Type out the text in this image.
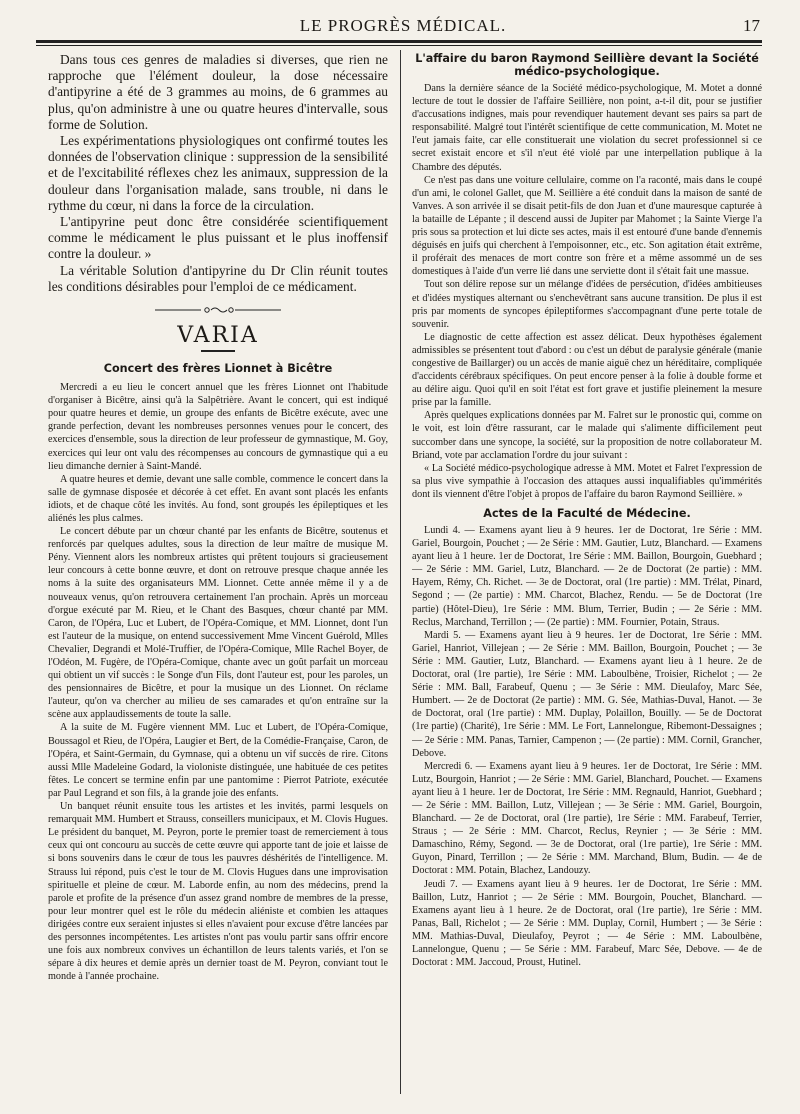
LE PROGRÈS MÉDICAL.	17

Dans tous ces genres de maladies si diverses, que rien ne rapproche que l'élément douleur, la dose nécessaire d'antipyrine a été de 3 grammes au moins, de 6 grammes au plus, qu'on administre à une ou quatre heures d'intervalle, sous forme de Solution.

Les expérimentations physiologiques ont confirmé toutes les données de l'observation clinique : suppression de la sensibilité et de l'excitabilité réflexes chez les animaux, suppression de la douleur dans l'organisation malade, sans trouble, ni dans le rythme du cœur, ni dans la force de la circulation.

L'antipyrine peut donc être considérée scientifiquement comme le médicament le plus puissant et le plus inoffensif contre la douleur. »

La véritable Solution d'antipyrine du Dr Clin réunit toutes les conditions désirables pour l'emploi de ce médicament.

VARIA
Concert des frères Lionnet à Bicêtre

Mercredi a eu lieu le concert annuel que les frères Lionnet ont l'habitude d'organiser à Bicêtre, ainsi qu'à la Salpêtrière. Avant le concert, qui est indiqué pour quatre heures et demie, un groupe des enfants de Bicêtre exécute, avec une grande perfection, devant les nombreuses personnes venues pour le concert, des exercices d'ensemble, sous la direction de leur professeur de gymnastique, M. Goy, exercices qui leur ont valu des récompenses au concours de gymnastique qui a eu lieu dimanche dernier à Saint-Mandé.

A quatre heures et demie, devant une salle comble, commence le concert dans la salle de gymnase disposée et décorée à cet effet. En avant sont placés les enfants idiots, et de chaque côté les invités. Au fond, sont groupés les épileptiques et les aliénés les plus calmes.

Le concert débute par un chœur chanté par les enfants de Bicêtre, soutenus et renforcés par quelques adultes, sous la direction de leur maître de musique M. Pény. Viennent alors les nombreux artistes qui prêtent toujours si gracieusement leur concours à cette bonne œuvre, et dont on retrouve presque chaque année les noms à la suite des organisateurs MM. Lionnet. Cette année même il y a de nouveaux venus, qu'on retrouvera certainement l'an prochain. Après un morceau d'orgue exécuté par M. Rieu, et le Chant des Basques, chœur chanté par MM. Caron, de l'Opéra, Luc et Lubert, de l'Opéra-Comique, et MM. Lionnet, dont l'un est l'auteur de la musique, on entend successivement Mme Vincent Guérold, Mlles Chevalier, Degrandi et Molé-Truffier, de l'Opéra-Comique, Mlle Rachel Boyer, de l'Odéon, M. Fugère, de l'Opéra-Comique, chante avec un goût parfait un morceau qui obtient un vif succès : le Songe d'un Fils, dont l'auteur est, pour les paroles, un des pensionnaires de Bicêtre, et pour la musique un des Lionnet. On réclame l'auteur, qu'on va chercher au milieu de ses camarades et qu'on entraîne sur la scène aux applaudissements de toute la salle.

A la suite de M. Fugère viennent MM. Luc et Lubert, de l'Opéra-Comique, Boussagol et Rieu, de l'Opéra, Laugier et Bert, de la Comédie-Française, Caron, de l'Opéra, et Saint-Germain, du Gymnase, qui a obtenu un vif succès de rire. Citons aussi Mlle Madeleine Godard, la violoniste distinguée, une habituée de ces petites fêtes. Le concert se termine enfin par une pantomime : Pierrot Patriote, exécutée par Paul Legrand et son fils, à la grande joie des enfants.

Un banquet réunit ensuite tous les artistes et les invités, parmi lesquels on remarquait MM. Humbert et Strauss, conseillers municipaux, et M. Clovis Hugues. Le président du banquet, M. Peyron, porte le premier toast de remerciement à tous ceux qui ont concouru au succès de cette œuvre qui apporte tant de joie et laisse de si bons souvenirs dans le cœur de tous les pauvres déshérités de l'intelligence. M. Strauss lui répond, puis c'est le tour de M. Clovis Hugues dans une improvisation spirituelle et pleine de cœur. M. Laborde enfin, au nom des médecins, prend la parole et profite de la présence d'un assez grand nombre de membres de la presse, pour leur montrer quel est le rôle du médecin aliéniste et combien les attaques dirigées contre eux seraient injustes si elles n'avaient pour excuse d'être lancées par des personnes incompétentes. Les artistes n'ont pas voulu partir sans offrir encore une fois aux nombreux convives un échantillon de leurs talents variés, et l'on se sépare à dix heures et demie après un dernier toast de M. Peyron, conviant tout le monde à l'année prochaine.

L'affaire du baron Raymond Seillière devant la Société médico-psychologique.

Dans la dernière séance de la Société médico-psychologique, M. Motet a donné lecture de tout le dossier de l'affaire Seillière, non point, a-t-il dit, pour se justifier d'accusations indignes, mais pour revendiquer hautement devant ses pairs sa part de responsabilité. Malgré tout l'intérêt scientifique de cette communication, M. Motet ne l'eut jamais faite, car elle constituerait une violation du secret professionnel si ce secret existait encore et s'il n'eut été violé par une interpellation publique à la Chambre des députés.

Ce n'est pas dans une voiture cellulaire, comme on l'a raconté, mais dans le coupé d'un ami, le colonel Gallet, que M. Seillière a été conduit dans la maison de santé de Vanves. A son arrivée il se disait petit-fils de don Juan et d'une mauresque capturée à la bataille de Lépante ; il descend aussi de Jupiter par Mahomet ; la Sainte Vierge l'a pris sous sa protection et lui dicte ses actes, mais il est entouré d'une bande d'ennemis déguisés en juifs qui cherchent à l'empoisonner, etc., etc. Son agitation était extrême, il proférait des menaces de mort contre son frère et a même assommé un de ses domestiques à l'aide d'un verre lié dans une serviette dont il s'était fait une massue.

Tout son délire repose sur un mélange d'idées de persécution, d'idées ambitieuses et d'idées mystiques alternant ou s'enchevêtrant sans aucune transition. De plus il est pris par moments de syncopes épileptiformes s'accompagnant d'une perte totale de souvenir.

Le diagnostic de cette affection est assez délicat. Deux hypothèses également admissibles se présentent tout d'abord : ou c'est un début de paralysie générale (manie congestive de Baillarger) ou un accès de manie aiguë chez un héréditaire, compliquée d'accidents cérébraux spécifiques. On peut encore penser à la folie à double forme et au délire aigu. Quoi qu'il en soit l'état est fort grave et justifie pleinement la mesure prise par la famille.

Après quelques explications données par M. Falret sur le pronostic qui, comme on le voit, est loin d'être rassurant, car le malade qui s'alimente difficilement peut succomber dans une syncope, la société, sur la proposition de notre collaborateur M. Briand, vote par acclamation l'ordre du jour suivant :

« La Société médico-psychologique adresse à MM. Motet et Falret l'expression de sa plus vive sympathie à l'occasion des attaques aussi inqualifiables qu'immérités dont ils viennent d'être l'objet à propos de l'affaire du baron Raymond Seillière. »

Actes de la Faculté de Médecine.

Lundi 4. — Examens ayant lieu à 9 heures. 1er de Doctorat, 1re Série : MM. Gariel, Bourgoin, Pouchet ; — 2e Série : MM. Gautier, Lutz, Blanchard. — Examens ayant lieu à 1 heure. 1er de Doctorat, 1re Série : MM. Baillon, Bourgoin, Guebhard ; — 2e Série : MM. Gariel, Lutz, Blanchard. — 2e de Doctorat (2e partie) : MM. Hayem, Rémy, Ch. Richet. — 3e de Doctorat, oral (1re partie) : MM. Trélat, Pinard, Segond ; — (2e partie) : MM. Charcot, Blachez, Rendu. — 5e de Doctorat (1re partie) (Hôtel-Dieu), 1re Série : MM. Blum, Terrier, Budin ; — 2e Série : MM. Reclus, Marchand, Terrillon ; — (2e partie) : MM. Fournier, Potain, Straus.

Mardi 5. — Examens ayant lieu à 9 heures. 1er de Doctorat, 1re Série : MM. Gariel, Hanriot, Villejean ; — 2e Série : MM. Baillon, Bourgoin, Pouchet ; — 3e Série : MM. Gautier, Lutz, Blanchard. — Examens ayant lieu à 1 heure. 2e de Doctorat, oral (1re partie), 1re Série : MM. Laboulbène, Troisier, Richelot ; — 2e Série : MM. Ball, Farabeuf, Quenu ; — 3e Série : MM. Dieulafoy, Marc Sée, Humbert. — 2e de Doctorat (2e partie) : MM. G. Sée, Mathias-Duval, Hanot. — 3e de Doctorat, oral (1re partie) : MM. Duplay, Polaillon, Bouilly. — 5e de Doctorat (1re partie) (Charité), 1re Série : MM. Le Fort, Lannelongue, Ribemont-Dessaignes ; — 2e Série : MM. Panas, Tarnier, Campenon ; — (2e partie) : MM. Cornil, Grancher, Debove.

Mercredi 6. — Examens ayant lieu à 9 heures. 1er de Doctorat, 1re Série : MM. Lutz, Bourgoin, Hanriot ; — 2e Série : MM. Gariel, Blanchard, Pouchet. — Examens ayant lieu à 1 heure. 1er de Doctorat, 1re Série : MM. Regnauld, Hanriot, Guebhard ; — 2e Série : MM. Baillon, Lutz, Villejean ; — 3e Série : MM. Gariel, Bourgoin, Blanchard. — 2e de Doctorat, oral (1re partie), 1re Série : MM. Farabeuf, Terrier, Straus ; — 2e Série : MM. Charcot, Reclus, Reynier ; — 3e Série : MM. Damaschino, Rémy, Segond. — 3e de Doctorat, oral (1re partie), 1re Série : MM. Guyon, Pinard, Terrillon ; — 2e Série : MM. Marchand, Blum, Budin. — 4e de Doctorat : MM. Potain, Blachez, Landouzy.

Jeudi 7. — Examens ayant lieu à 9 heures. 1er de Doctorat, 1re Série : MM. Baillon, Lutz, Hanriot ; — 2e Série : MM. Bourgoin, Pouchet, Blanchard. — Examens ayant lieu à 1 heure. 2e de Doctorat, oral (1re partie), 1re Série : MM. Panas, Ball, Richelot ; — 2e Série : MM. Duplay, Cornil, Humbert ; — 3e Série : MM. Mathias-Duval, Dieulafoy, Peyrot ; — 4e Série : MM. Laboulbène, Lannelongue, Quenu ; — 5e Série : MM. Farabeuf, Marc Sée, Debove. — 4e de Doctorat : MM. Jaccoud, Proust, Hutinel.
